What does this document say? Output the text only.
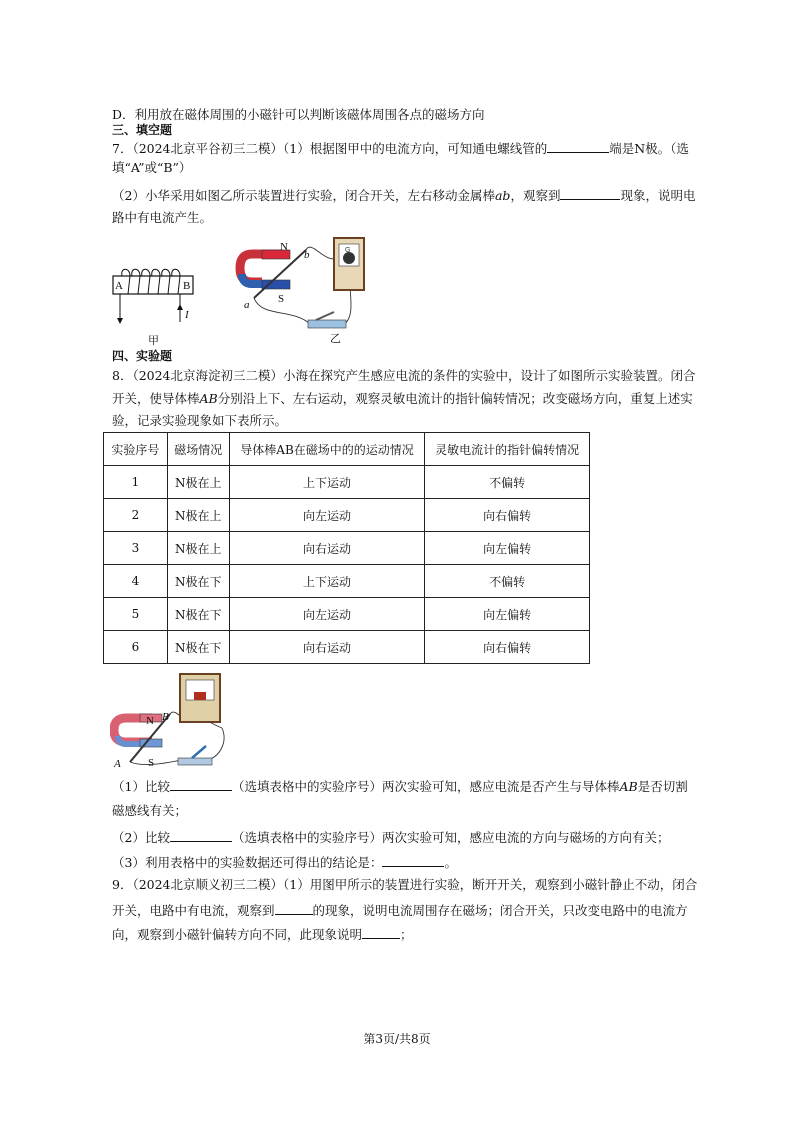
D．利用放在磁体周围的小磁针可以判断该磁体周围各点的磁场方向
三、填空题
7．（2024北京平谷初三二模）（1）根据图甲中的电流方向，可知通电螺线管的	端是N极。（选
填“A”或“B”）
（2）小华采用如图乙所示装置进行实验，闭合开关，左右移动金属棒ab，观察到	现象，说明电
路中有电流产生。
A	B
I
甲
G
N
b
S
a
乙
四、实验题
8．（2024北京海淀初三二模）小海在探究产生感应电流的条件的实验中，设计了如图所示实验装置。闭合
开关，使导体棒AB分别沿上下、左右运动，观察灵敏电流计的指针偏转情况；改变磁场方向，重复上述实
验，记录实验现象如下表所示。
实验序号	磁场情况	导体棒AB在磁场中的的运动情况	灵敏电流计的指针偏转情况
1	N极在上	上下运动	不偏转
2	N极在上	向左运动	向右偏转
3	N极在上	向右运动	向左偏转
4	N极在下	上下运动	不偏转
5	N极在下	向左运动	向左偏转
6	N极在下	向右运动	向右偏转
N B
S
A
（1）比较	（选填表格中的实验序号）两次实验可知，感应电流是否产生与导体棒AB是否切割
磁感线有关；
（2）比较	（选填表格中的实验序号）两次实验可知，感应电流的方向与磁场的方向有关；
（3）利用表格中的实验数据还可得出的结论是：	。
9．（2024北京顺义初三二模）（1）用图甲所示的装置进行实验，断开开关，观察到小磁针静止不动，闭合
开关，电路中有电流，观察到	的现象，说明电流周围存在磁场；闭合开关，只改变电路中的电流方
向，观察到小磁针偏转方向不同，此现象说明	；
第3页/共8页
